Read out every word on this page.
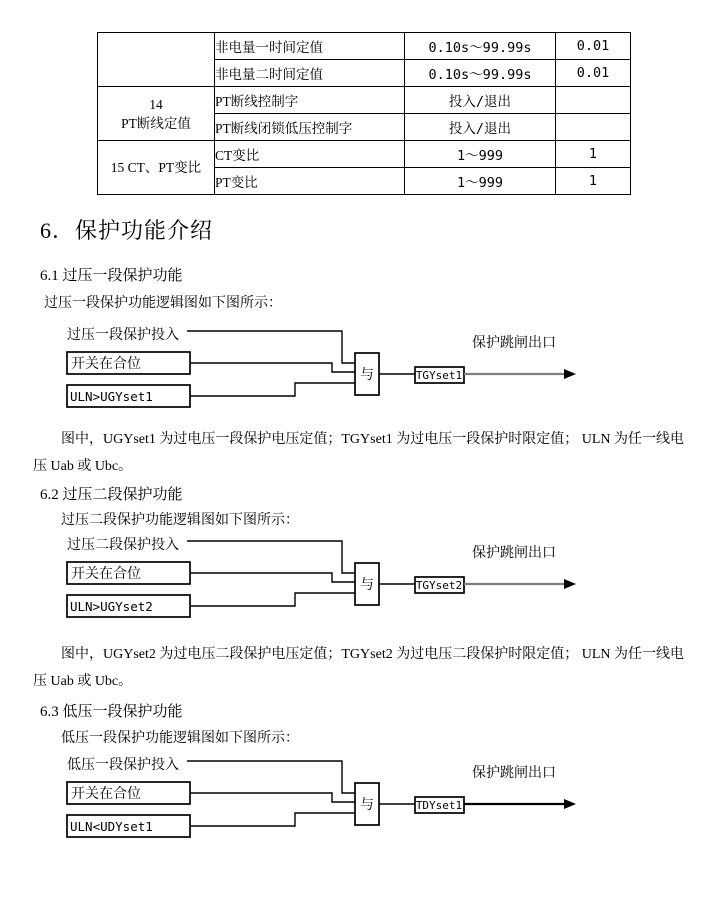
	非电量一时间定值	0.10s～99.99s	0.01
	非电量二时间定值	0.10s～99.99s	0.01

14
PT断线定值	PT断线控制字	投入/退出	
	PT断线闭锁低压控制字	投入/退出	
15 CT、PT变比	CT变比	1～999	1
	PT变比	1～999	1
6．保护功能介绍
6.1 过压一段保护功能
过压一段保护功能逻辑图如下图所示：
过压一段保护投入
开关在合位
ULN>UGYset1
与	TGYset1
保护跳闸出口
图中，UGYset1 为过电压一段保护电压定值；TGYset1 为过电压一段保护时限定值； ULN 为任一线电
压 Uab 或 Ubc。
6.2 过压二段保护功能
过压二段保护功能逻辑图如下图所示：
过压二段保护投入
开关在合位
ULN>UGYset2
与	TGYset2
保护跳闸出口
图中，UGYset2 为过电压二段保护电压定值；TGYset2 为过电压二段保护时限定值； ULN 为任一线电
压 Uab 或 Ubc。
6.3 低压一段保护功能
低压一段保护功能逻辑图如下图所示：
低压一段保护投入
开关在合位
ULN<UDYset1
与	TDYset1
保护跳闸出口
